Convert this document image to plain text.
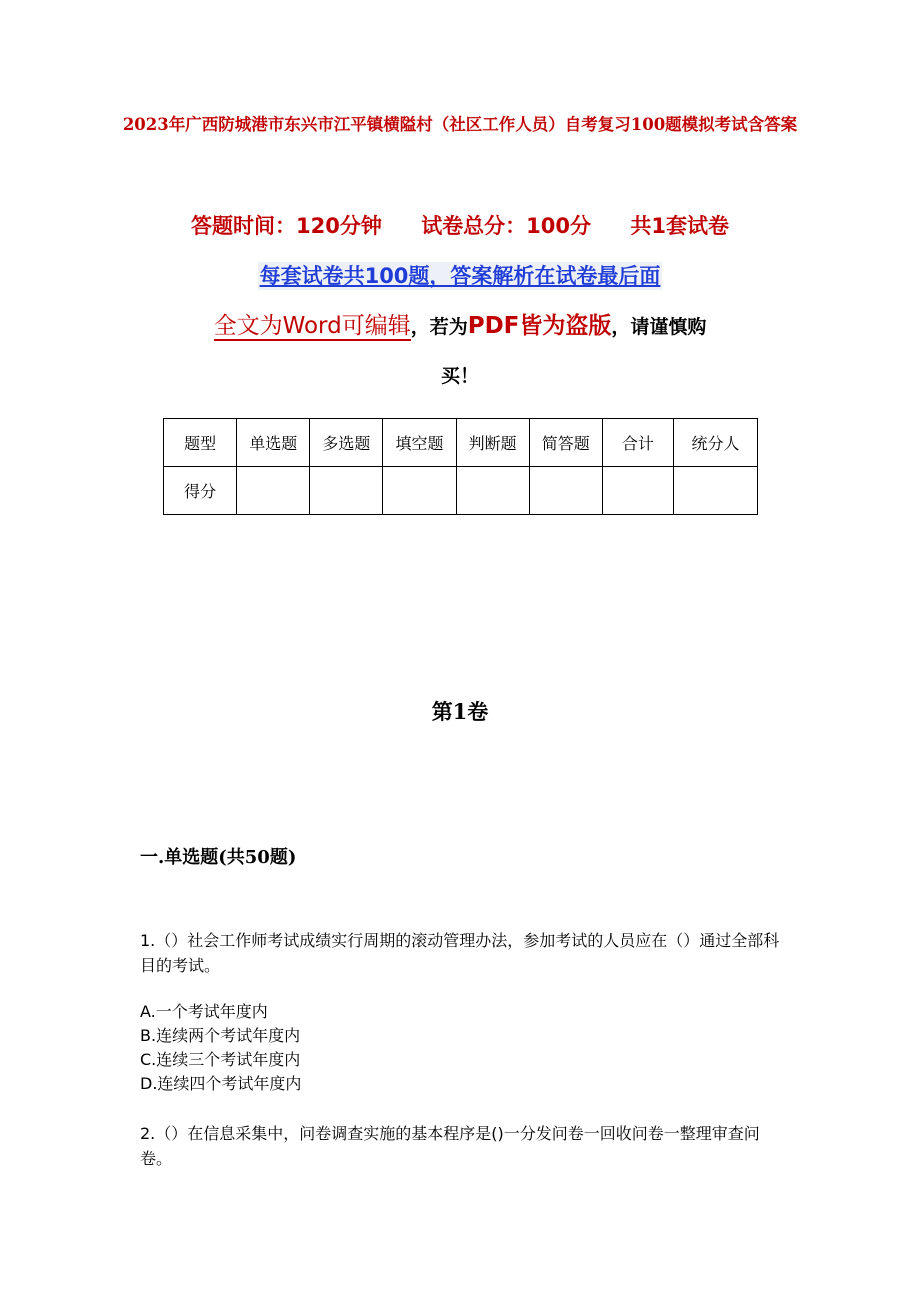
2023年广西防城港市东兴市江平镇横隘村（社区工作人员）自考复习100题模拟考试含答案
答题时间：120分钟 试卷总分：100分 共1套试卷
每套试卷共100题，答案解析在试卷最后面
全文为Word可编辑，若为PDF皆为盗版，请谨慎购
买！
题型	单选题	多选题	填空题	判断题	简答题	合计	统分人
得分							
第1卷
一.单选题(共50题)
1.（）社会工作师考试成绩实行周期的滚动管理办法，参加考试的人员应在（）通过全部科目的考试。
A.一个考试年度内
B.连续两个考试年度内
C.连续三个考试年度内
D.连续四个考试年度内
2.（）在信息采集中，问卷调查实施的基本程序是()一分发问卷一回收问卷一整理审查问卷。
